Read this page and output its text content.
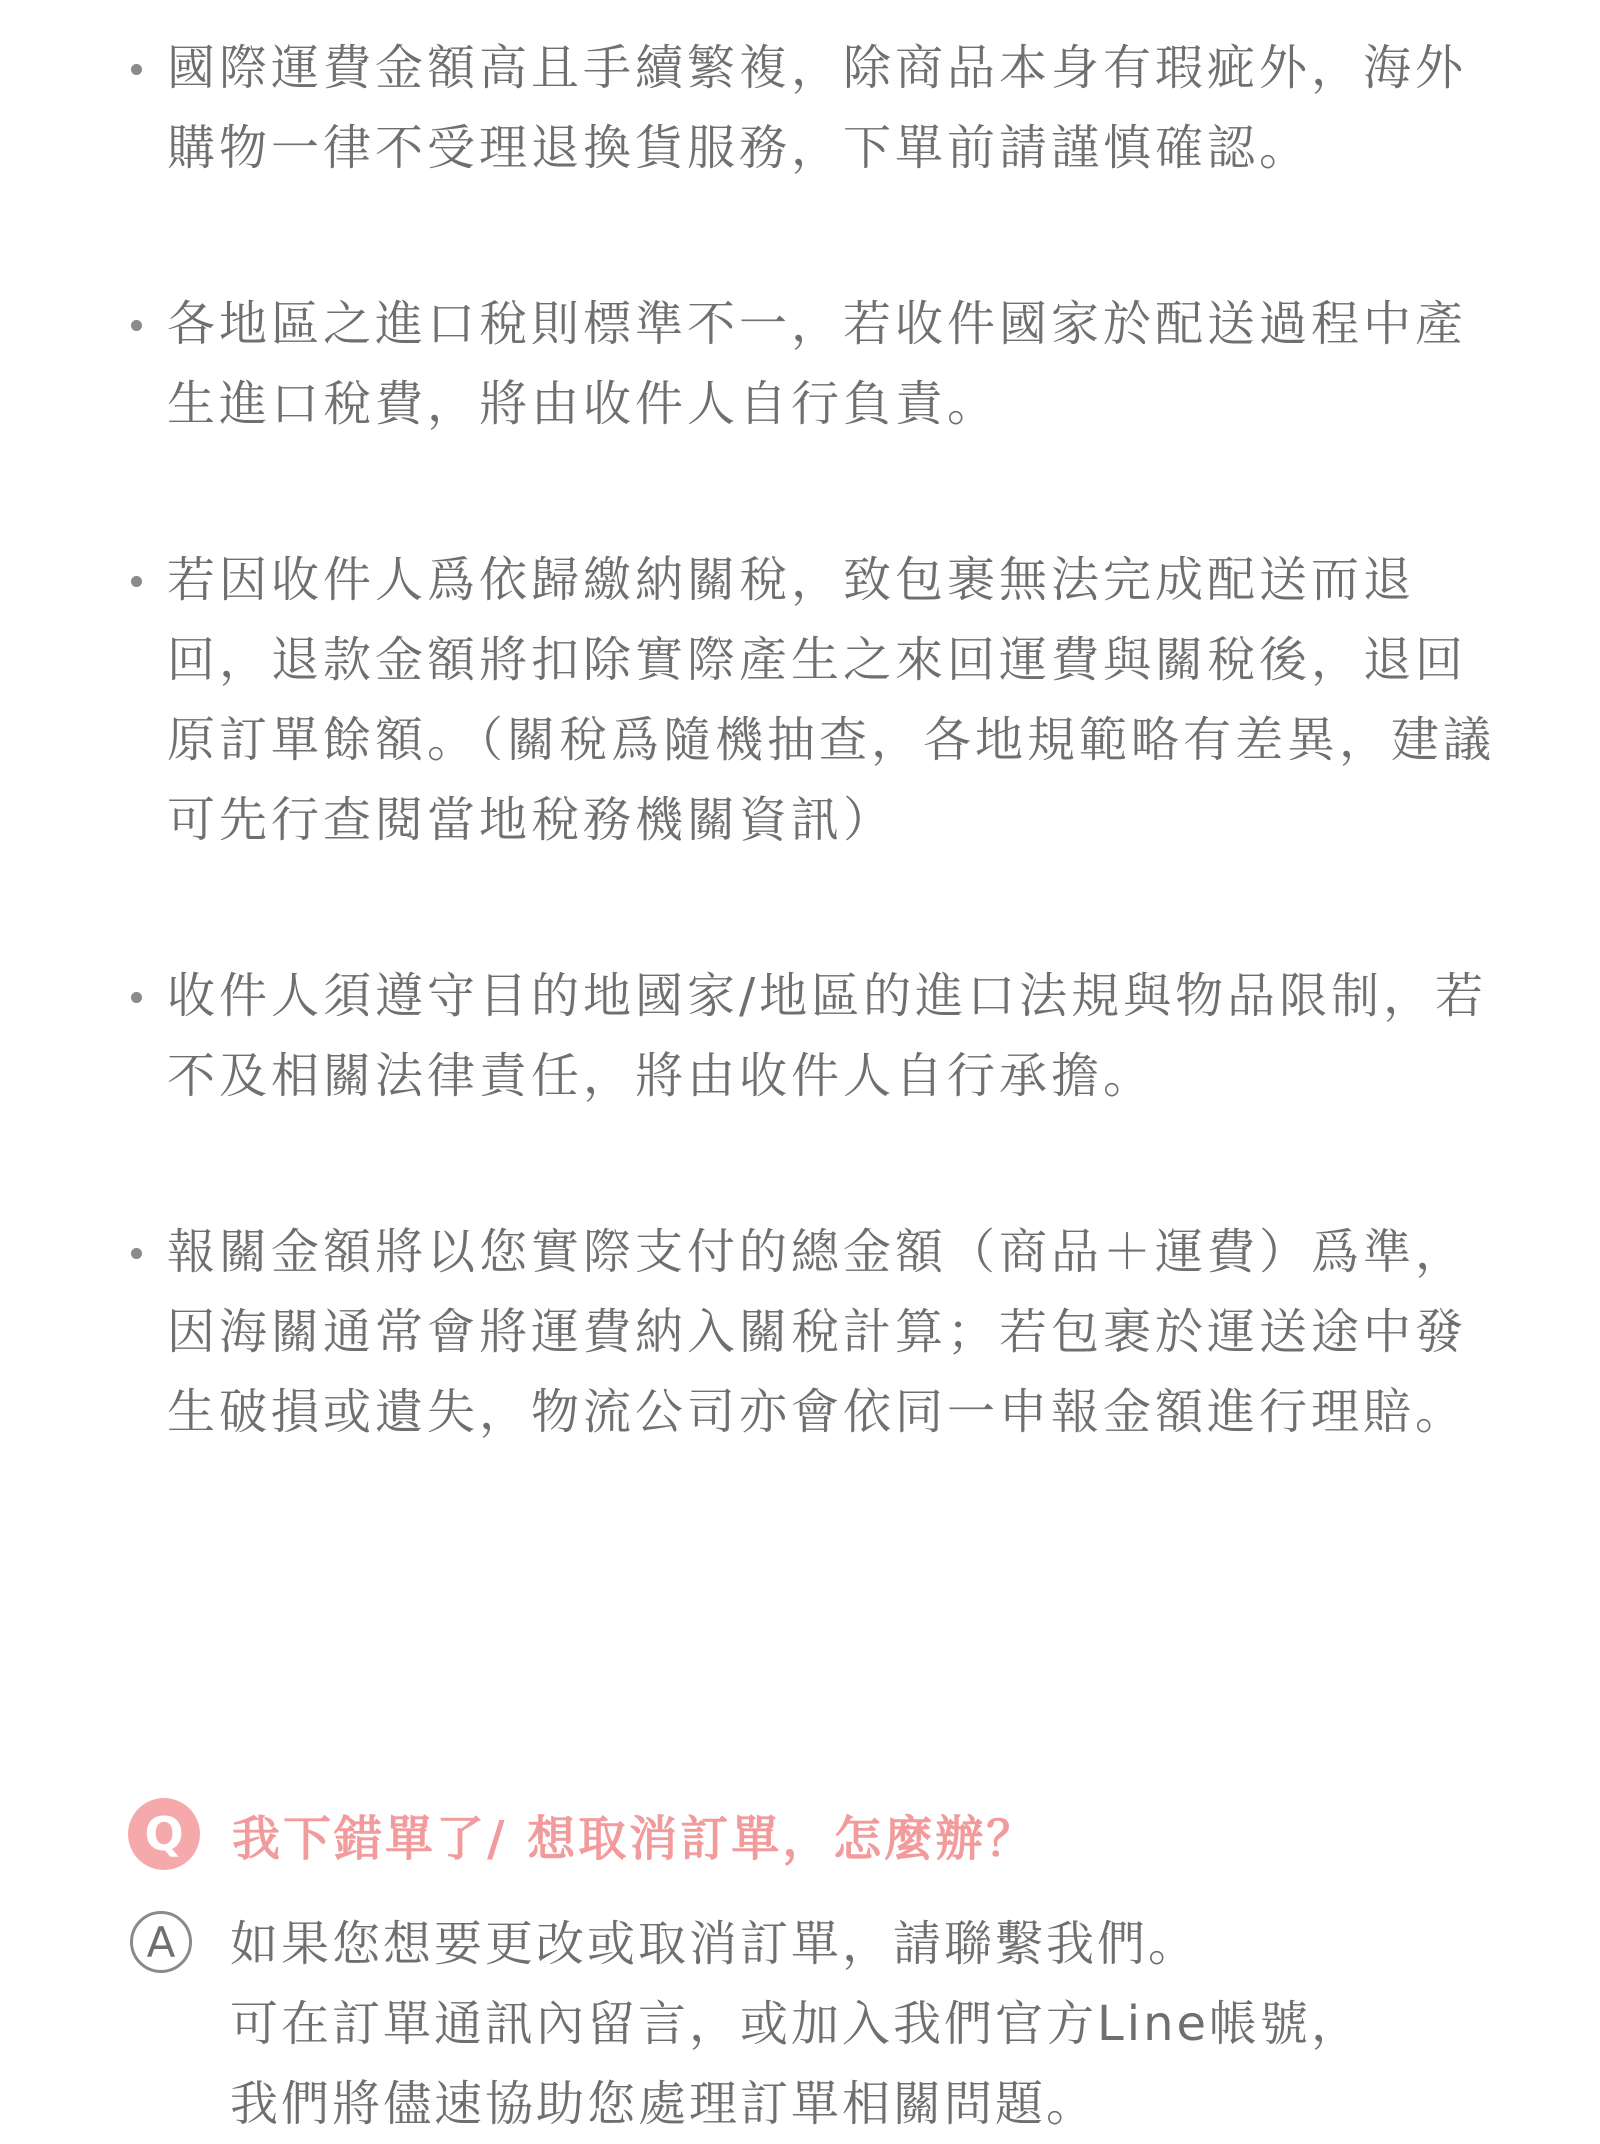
國際運費金額高且手續繁複，除商品本身有瑕疵外，海外購物一律不受理退換貨服務，下單前請謹慎確認。
各地區之進口稅則標準不一，若收件國家於配送過程中產生進口稅費，將由收件人自行負責。
若因收件人爲依歸繳納關稅，致包裹無法完成配送而退回，退款金額將扣除實際產生之來回運費與關稅後，退回原訂單餘額。（關稅爲隨機抽查，各地規範略有差異，建議可先行查閱當地稅務機關資訊）
收件人須遵守目的地國家/地區的進口法規與物品限制，若不及相關法律責任，將由收件人自行承擔。
報關金額將以您實際支付的總金額（商品＋運費）爲準，因海關通常會將運費納入關稅計算；若包裹於運送途中發生破損或遺失，物流公司亦會依同一申報金額進行理賠。
Q	我下錯單了/ 想取消訂單，怎麼辦？
A	如果您想要更改或取消訂單，請聯繫我們。
可在訂單通訊內留言，或加入我們官方Line帳號，
我們將儘速協助您處理訂單相關問題。
